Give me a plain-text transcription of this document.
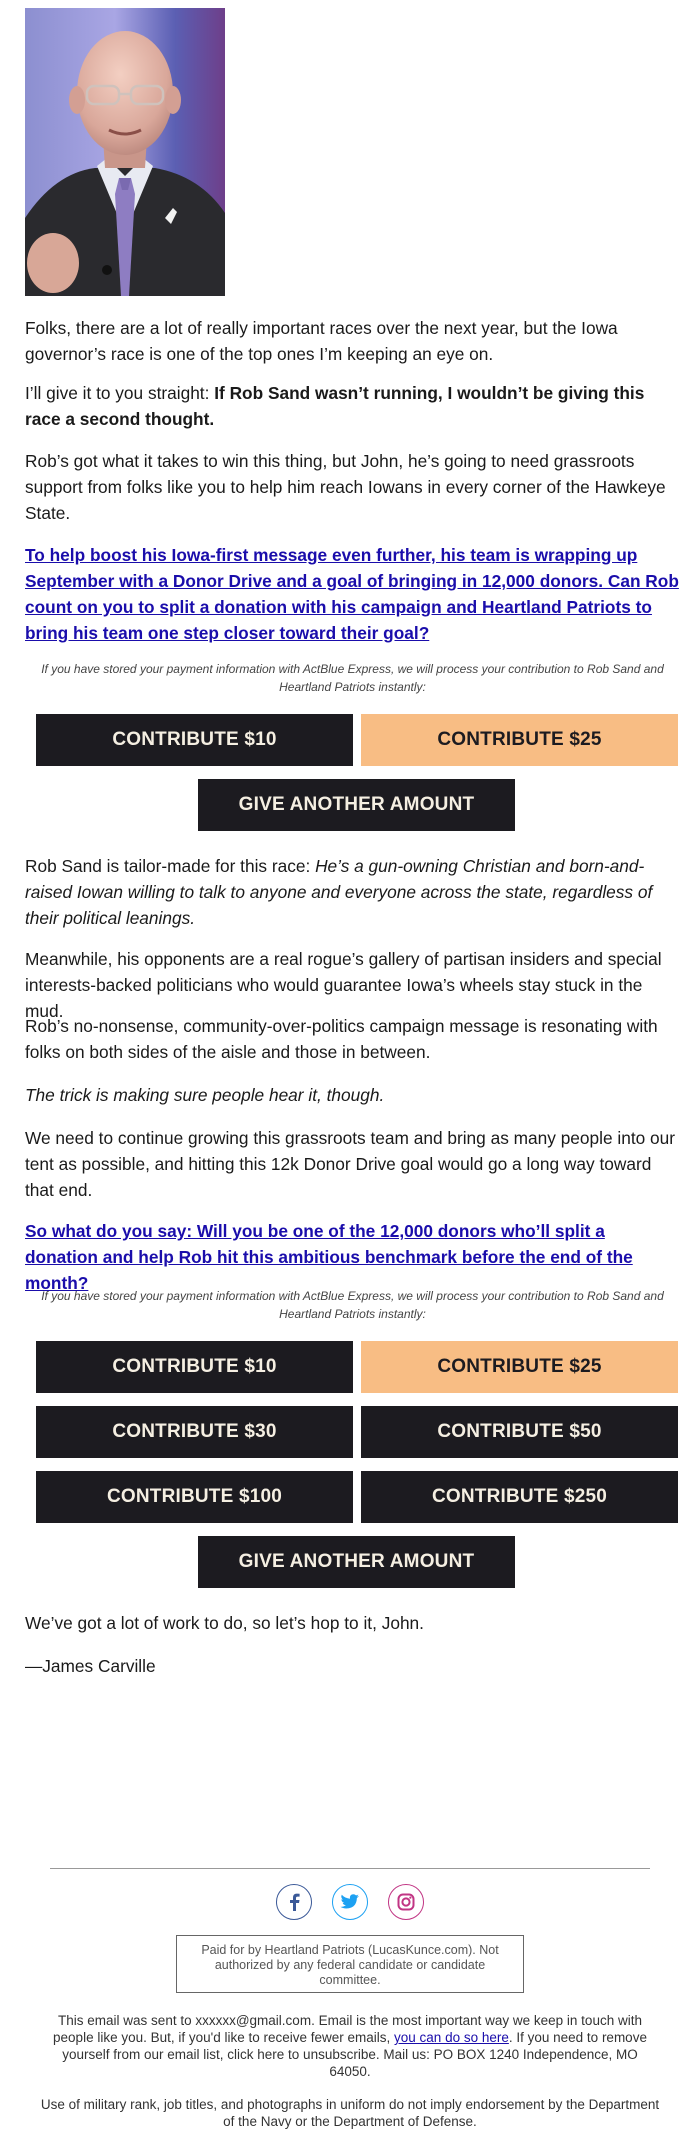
Folks, there are a lot of really important races over the next year, but the Iowa governor’s race is one of the top ones I’m keeping an eye on.

I’ll give it to you straight: If Rob Sand wasn’t running, I wouldn’t be giving this race a second thought.

Rob’s got what it takes to win this thing, but John, he’s going to need grassroots support from folks like you to help him reach Iowans in every corner of the Hawkeye State.

To help boost his Iowa-first message even further, his team is wrapping up September with a Donor Drive and a goal of bringing in 12,000 donors. Can Rob count on you to split a donation with his campaign and Heartland Patriots to bring his team one step closer toward their goal?

If you have stored your payment information with ActBlue Express, we will process your contribution to Rob Sand and Heartland Patriots instantly:

CONTRIBUTE $10	CONTRIBUTE $25
GIVE ANOTHER AMOUNT

Rob Sand is tailor-made for this race: He’s a gun-owning Christian and born-and-raised Iowan willing to talk to anyone and everyone across the state, regardless of their political leanings.

Meanwhile, his opponents are a real rogue’s gallery of partisan insiders and special interests-backed politicians who would guarantee Iowa’s wheels stay stuck in the mud.

Rob’s no-nonsense, community-over-politics campaign message is resonating with folks on both sides of the aisle and those in between.

The trick is making sure people hear it, though.

We need to continue growing this grassroots team and bring as many people into our tent as possible, and hitting this 12k Donor Drive goal would go a long way toward that end.

So what do you say: Will you be one of the 12,000 donors who’ll split a donation and help Rob hit this ambitious benchmark before the end of the month?

If you have stored your payment information with ActBlue Express, we will process your contribution to Rob Sand and Heartland Patriots instantly:

CONTRIBUTE $10	CONTRIBUTE $25
CONTRIBUTE $30	CONTRIBUTE $50
CONTRIBUTE $100	CONTRIBUTE $250
GIVE ANOTHER AMOUNT

We’ve got a lot of work to do, so let’s hop to it, John.

—James Carville

Paid for by Heartland Patriots (LucasKunce.com). Not authorized by any federal candidate or candidate committee.

This email was sent to xxxxxx@gmail.com. Email is the most important way we keep in touch with people like you. But, if you'd like to receive fewer emails, you can do so here. If you need to remove yourself from our email list, click here to unsubscribe. Mail us: PO BOX 1240 Independence, MO 64050.

Use of military rank, job titles, and photographs in uniform do not imply endorsement by the Department of the Navy or the Department of Defense.
